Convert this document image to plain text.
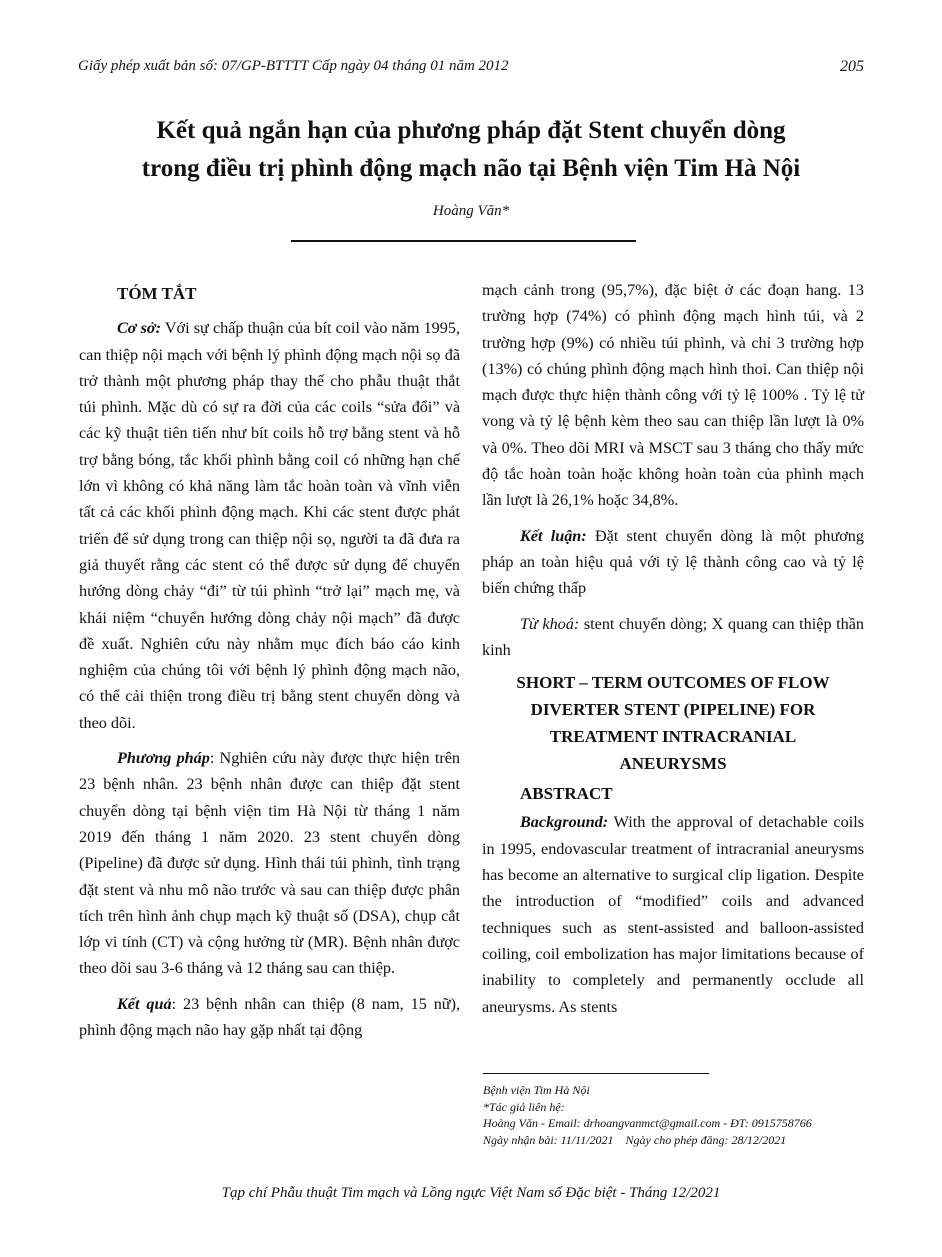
Giấy phép xuất bản số: 07/GP-BTTTT Cấp ngày 04 tháng 01 năm 2012	205
Kết quả ngắn hạn của phương pháp đặt Stent chuyển dòng
trong điều trị phình động mạch não tại Bệnh viện Tim Hà Nội
Hoàng Văn*
TÓM TẮT

Cơ sở: Với sự chấp thuận của bít coil vào năm 1995, can thiệp nội mạch với bệnh lý phình động mạch nội sọ đã trở thành một phương pháp thay thế cho phẫu thuật thắt túi phình. Mặc dù có sự ra đời của các coils “sửa đổi” và các kỹ thuật tiên tiến như bít coils hỗ trợ bằng stent và hỗ trợ bằng bóng, tắc khối phình bằng coil có những hạn chế lớn vì không có khả năng làm tắc hoàn toàn và vĩnh viễn tất cả các khối phình động mạch. Khi các stent được phát triển để sử dụng trong can thiệp nội sọ, người ta đã đưa ra giả thuyết rằng các stent có thể được sử dụng để chuyển hướng dòng chảy “đi” từ túi phình “trở lại” mạch mẹ, và khái niệm “chuyển hướng dòng chảy nội mạch” đã được đề xuất. Nghiên cứu này nhằm mục đích báo cáo kinh nghiệm của chúng tôi với bệnh lý phình động mạch não, có thể cải thiện trong điều trị bằng stent chuyển dòng và theo dõi.

Phương pháp: Nghiên cứu này được thực hiện trên 23 bệnh nhân. 23 bệnh nhân được can thiệp đặt stent chuyển dòng tại bệnh viện tim Hà Nội từ tháng 1 năm 2019 đến tháng 1 năm 2020. 23 stent chuyển dòng (Pipeline) đã được sử dụng. Hình thái túi phình, tình trạng đặt stent và nhu mô não trước và sau can thiệp được phân tích trên hình ảnh chụp mạch kỹ thuật số (DSA), chụp cắt lớp vi tính (CT) và cộng hưởng từ (MR). Bệnh nhân được theo dõi sau 3-6 tháng và 12 tháng sau can thiệp.

Kết quả: 23 bệnh nhân can thiệp (8 nam, 15 nữ), phình động mạch não hay gặp nhất tại động

mạch cảnh trong (95,7%), đặc biệt ở các đoạn hang. 13 trường hợp (74%) có phình động mạch hình túi, và 2 trường hợp (9%) có nhiều túi phình, và chỉ 3 trường hợp (13%) có chúng phình động mạch hình thoi. Can thiệp nội mạch được thực hiện thành công với tỷ lệ 100% . Tỷ lệ tử vong và tỷ lệ bệnh kèm theo sau can thiệp lần lượt là 0% và 0%. Theo dõi MRI và MSCT sau 3 tháng cho thấy mức độ tắc hoàn toàn hoặc không hoàn toàn của phình mạch lần lượt là 26,1% hoặc 34,8%.

Kết luận: Đặt stent chuyển dòng là một phương pháp an toàn hiệu quả với tỷ lệ thành công cao và tỷ lệ biến chứng thấp

Từ khoá: stent chuyển dòng; X quang can thiệp thần kinh

SHORT – TERM OUTCOMES OF FLOW
DIVERTER STENT (PIPELINE) FOR
TREATMENT INTRACRANIAL
ANEURYSMS
ABSTRACT

Background: With the approval of detachable coils in 1995, endovascular treatment of intracranial aneurysms has become an alternative to surgical clip ligation. Despite the introduction of “modified” coils and advanced techniques such as stent-assisted and balloon-assisted coiling, coil embolization has major limitations because of inability to completely and permanently occlude all aneurysms. As stents

Bệnh viện Tim Hà Nội
*Tác giả liên hệ:
Hoàng Văn - Email: drhoangvanmct@gmail.com - ĐT: 0915758766
Ngày nhận bài: 11/11/2021 Ngày cho phép đăng: 28/12/2021
Tạp chí Phẫu thuật Tim mạch và Lồng ngực Việt Nam số Đặc biệt - Tháng 12/2021
